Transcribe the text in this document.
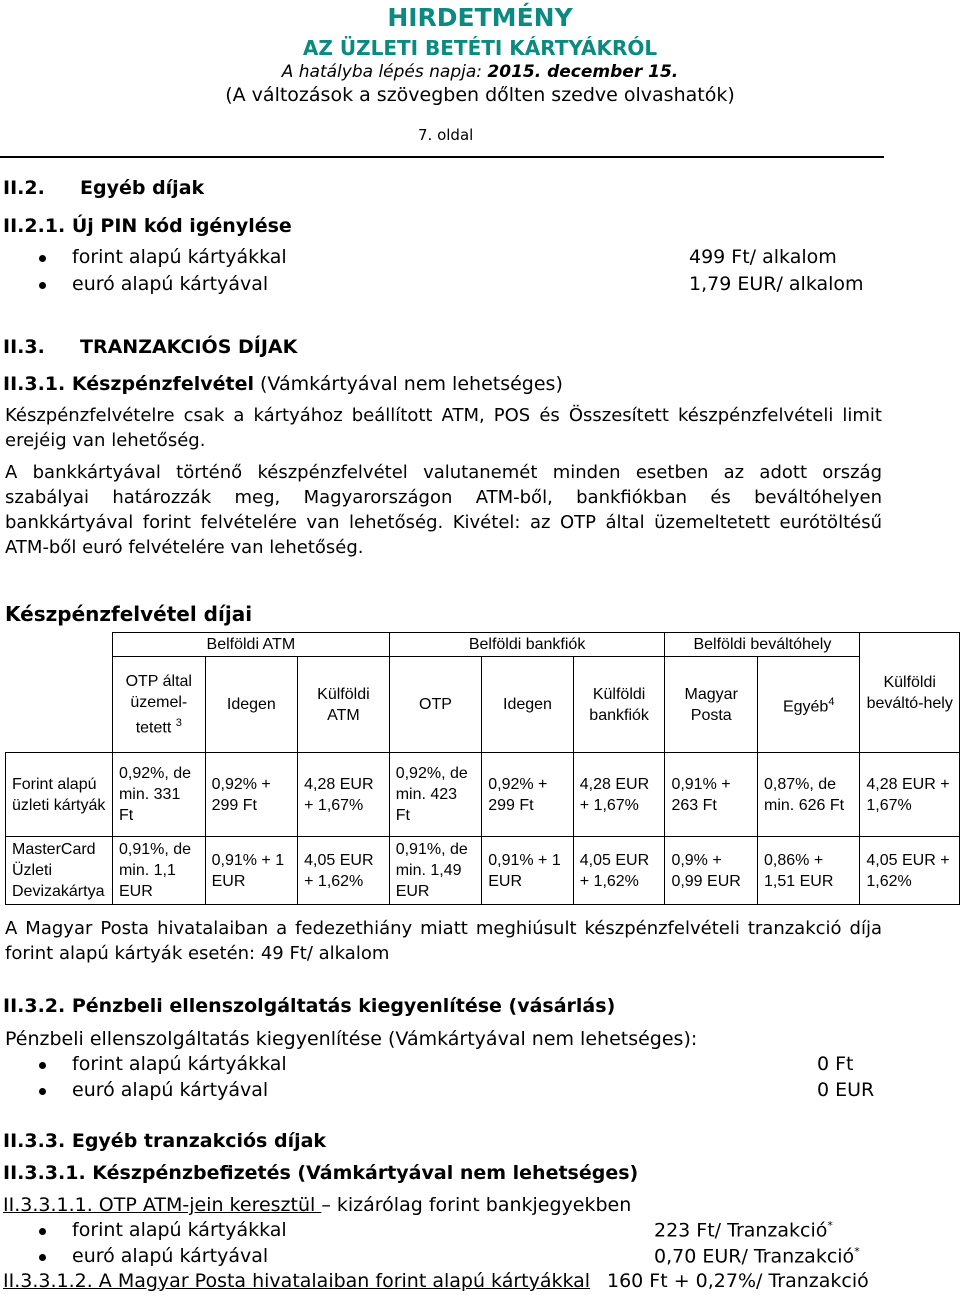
HIRDETMÉNY
AZ ÜZLETI BETÉTI KÁRTYÁKRÓL
A hatályba lépés napja: 2015. december 15.
(A változások a szövegben dőlten szedve olvashatók)
7. oldal
II.2. Egyéb díjak
II.2.1. Új PIN kód igénylése
forint alapú kártyákkal	499 Ft/ alkalom
euró alapú kártyával	1,79 EUR/ alkalom
II.3. TRANZAKCIÓS DÍJAK
II.3.1. Készpénzfelvétel (Vámkártyával nem lehetséges)
Készpénzfelvételre csak a kártyához beállított ATM, POS és Összesített készpénzfelvételi limit erejéig van lehetőség.
A bankkártyával történő készpénzfelvétel valutanemét minden esetben az adott ország szabályai határozzák meg, Magyarországon ATM-ből, bankfiókban és beváltóhelyen bankkártyával forint felvételére van lehetőség. Kivétel: az OTP által üzemeltetett eurótöltésű ATM-ből euró felvételére van lehetőség.
Készpénzfelvétel díjai
	Belföldi ATM			Belföldi bankfiók			Belföldi beváltóhely		Külföldi beváltó-hely
	OTP által üzemel-tetett $^3$	Idegen	Külföldi ATM	OTP	Idegen	Külföldi bankfiók	Magyar Posta	Egyéb$^4$
Forint alapú üzleti kártyák	0,92%, de min. 331 Ft	0,92% + 299 Ft	4,28 EUR + 1,67%	0,92%, de min. 423 Ft	0,92% + 299 Ft	4,28 EUR + 1,67%	0,91% + 263 Ft	0,87%, de min. 626 Ft	4,28 EUR + 1,67%
MasterCard Üzleti Devizakártya	0,91%, de min. 1,1 EUR	0,91% + 1 EUR	4,05 EUR + 1,62%	0,91%, de min. 1,49 EUR	0,91% + 1 EUR	4,05 EUR + 1,62%	0,9% + 0,99 EUR	0,86% + 1,51 EUR	4,05 EUR + 1,62%
A Magyar Posta hivatalaiban a fedezethiány miatt meghiúsult készpénzfelvételi tranzakció díja forint alapú kártyák esetén: 49 Ft/ alkalom
II.3.2. Pénzbeli ellenszolgáltatás kiegyenlítése (vásárlás)
Pénzbeli ellenszolgáltatás kiegyenlítése (Vámkártyával nem lehetséges):
forint alapú kártyákkal	0 Ft
euró alapú kártyával	0 EUR
II.3.3. Egyéb tranzakciós díjak
II.3.3.1. Készpénzbefizetés (Vámkártyával nem lehetséges)
II.3.3.1.1. OTP ATM-jein keresztül – kizárólag forint bankjegyekben
forint alapú kártyákkal	223 Ft/ Tranzakció*
euró alapú kártyával	0,70 EUR/ Tranzakció*
II.3.3.1.2. A Magyar Posta hivatalaiban forint alapú kártyákkal 160 Ft + 0,27%/ Tranzakció
